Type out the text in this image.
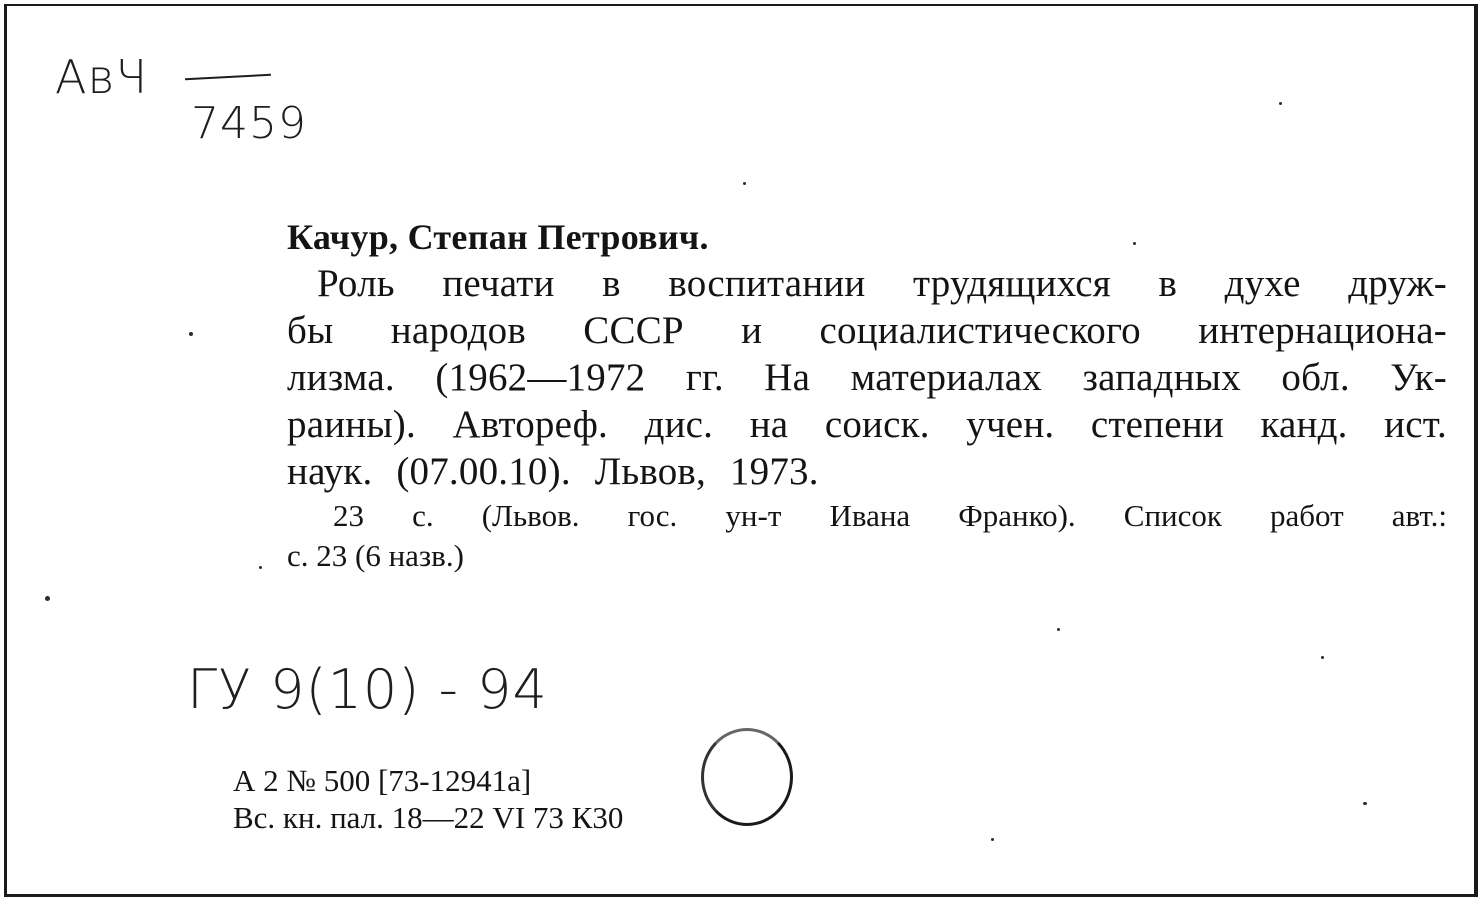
АвЧ
7459
Качур, Степан Петрович.
Роль печати в воспитании трудящихся в духе друж-
бы народов СССР и социалистического интернациона-
лизма. (1962—1972 гг. На материалах западных обл. Ук-
раины). Автореф. дис. на соиск. учен. степени канд. ист.
наук. (07.00.10). Львов, 1973.
23 с. (Львов. гос. ун-т Ивана Франко). Список работ авт.:
с. 23 (6 назв.)
ГУ 9(10) - 94
А 2 № 500 [73-12941а]
Вс. кн. пал. 18—22 VI 73 К30
